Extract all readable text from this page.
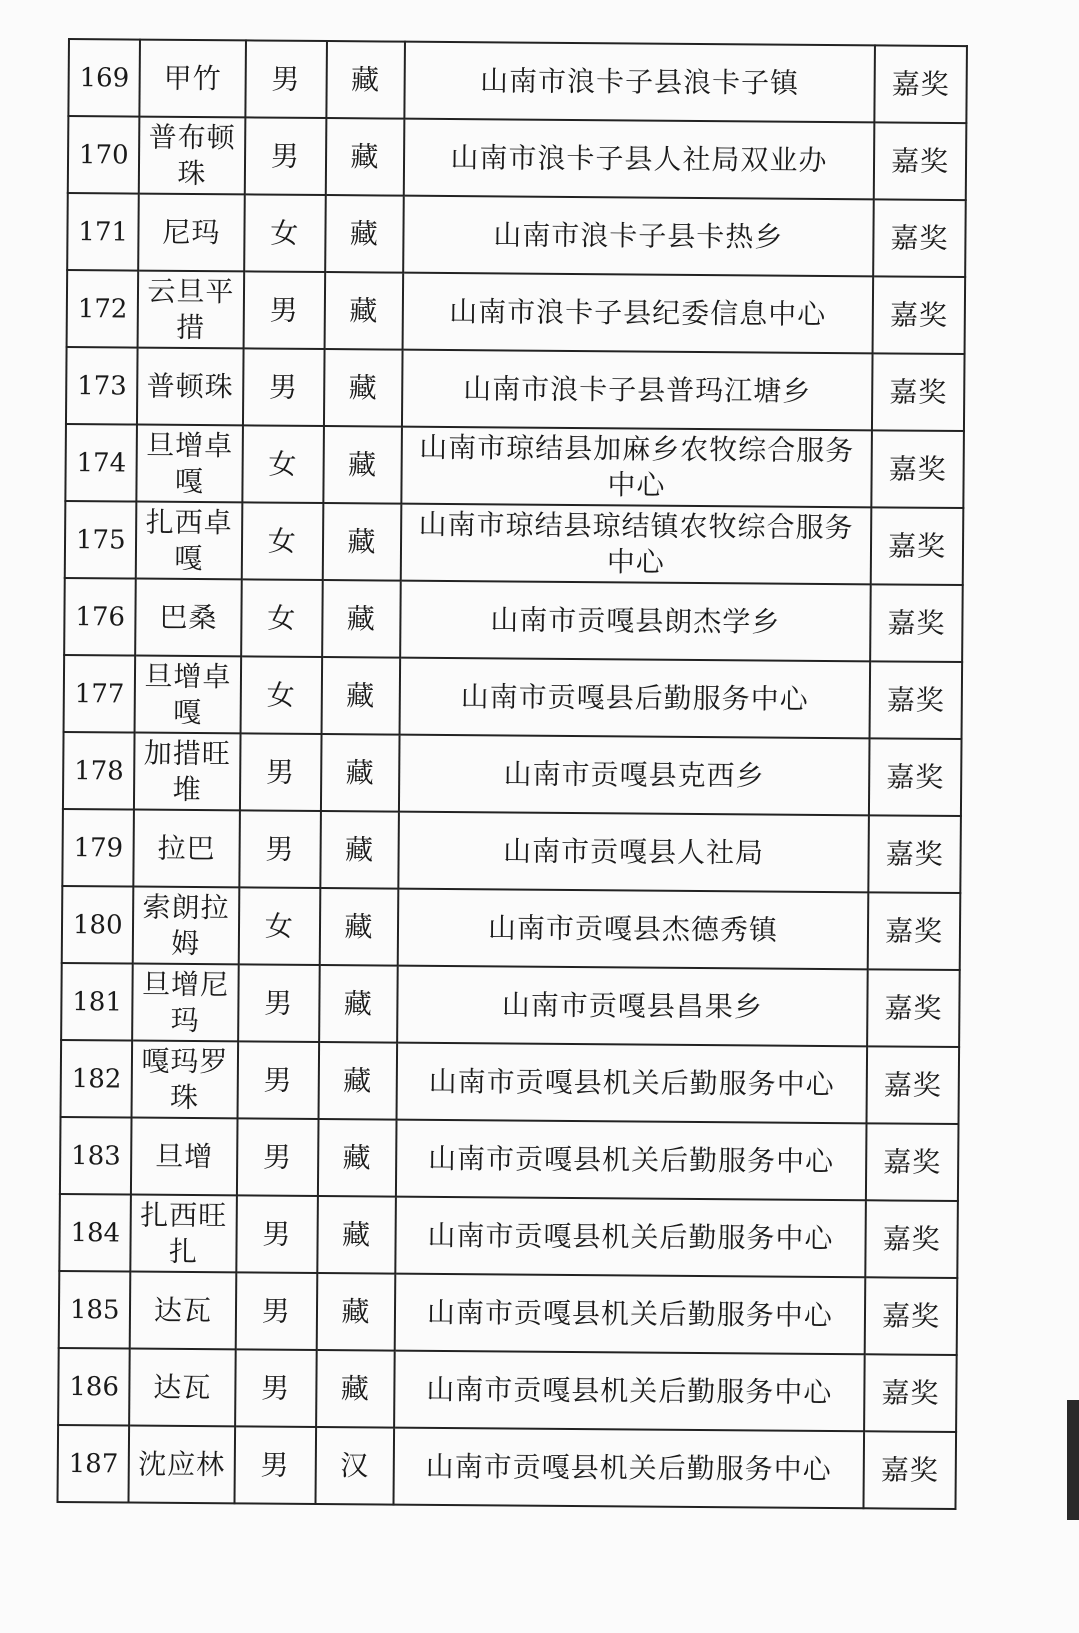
169	甲竹	男	藏	山南市浪卡子县浪卡子镇	嘉奖
170	普布顿珠	男	藏	山南市浪卡子县人社局双业办	嘉奖
171	尼玛	女	藏	山南市浪卡子县卡热乡	嘉奖
172	云旦平措	男	藏	山南市浪卡子县纪委信息中心	嘉奖
173	普顿珠	男	藏	山南市浪卡子县普玛江塘乡	嘉奖
174	旦增卓嘎	女	藏	山南市琼结县加麻乡农牧综合服务中心	嘉奖
175	扎西卓嘎	女	藏	山南市琼结县琼结镇农牧综合服务中心	嘉奖
176	巴桑	女	藏	山南市贡嘎县朗杰学乡	嘉奖
177	旦增卓嘎	女	藏	山南市贡嘎县后勤服务中心	嘉奖
178	加措旺堆	男	藏	山南市贡嘎县克西乡	嘉奖
179	拉巴	男	藏	山南市贡嘎县人社局	嘉奖
180	索朗拉姆	女	藏	山南市贡嘎县杰德秀镇	嘉奖
181	旦增尼玛	男	藏	山南市贡嘎县昌果乡	嘉奖
182	嘎玛罗珠	男	藏	山南市贡嘎县机关后勤服务中心	嘉奖
183	旦增	男	藏	山南市贡嘎县机关后勤服务中心	嘉奖
184	扎西旺扎	男	藏	山南市贡嘎县机关后勤服务中心	嘉奖
185	达瓦	男	藏	山南市贡嘎县机关后勤服务中心	嘉奖
186	达瓦	男	藏	山南市贡嘎县机关后勤服务中心	嘉奖
187	沈应林	男	汉	山南市贡嘎县机关后勤服务中心	嘉奖
